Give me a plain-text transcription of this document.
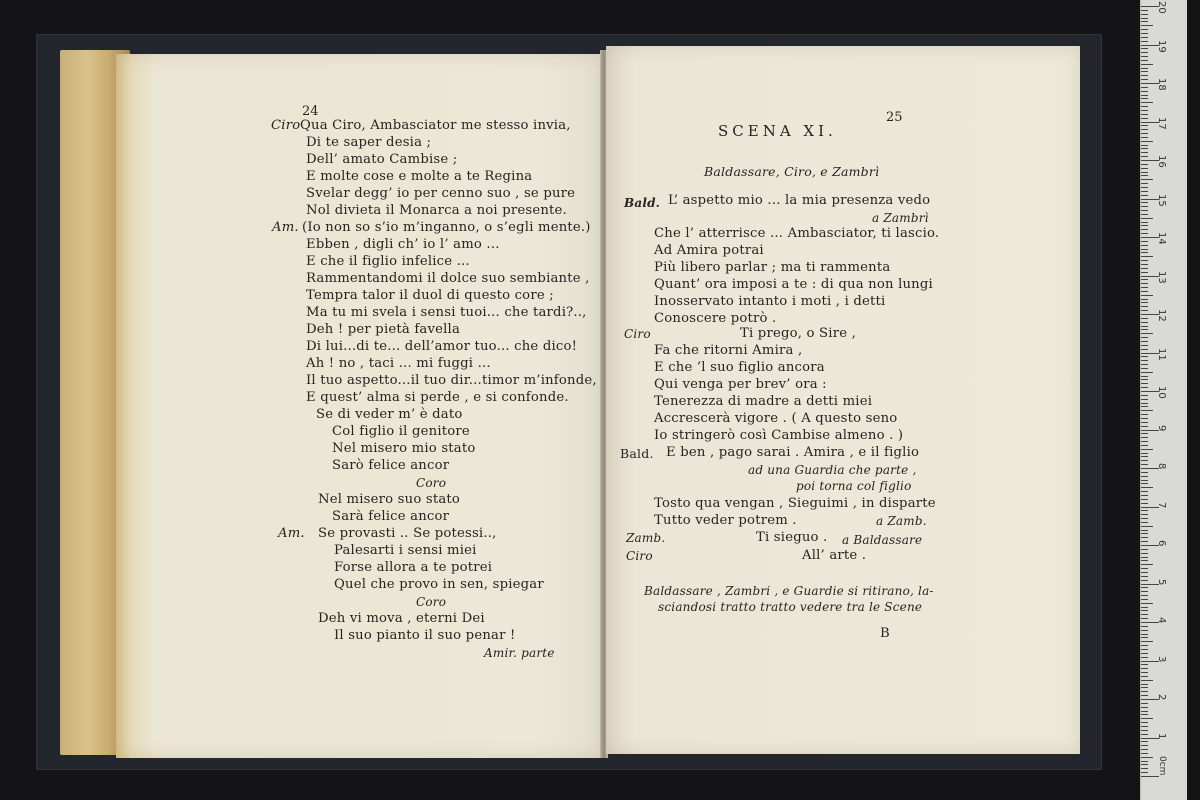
24
Ciro Qua Ciro, Ambasciator me stesso invia,
Di te saper desia ;
Dell’ amato Cambise ;
E molte cose e molte a te Regina
Svelar degg’ io per cenno suo , se pure
Nol divieta il Monarca a noi presente.
Am. (Io non so s’io m’inganno, o s’egli mente.)
Ebben , digli ch’ io l’ amo ...
E che il figlio infelice ...
Rammentandomi il dolce suo sembiante ,
Tempra talor il duol di questo core ;
Ma tu mi svela i sensi tuoi... che tardi?..,
Deh ! per pietà favella
Di lui...di te... dell’amor tuo... che dico!
Ah ! no , taci ... mi fuggi ...
Il tuo aspetto...il tuo dir...timor m’infonde,
E quest’ alma si perde , e si confonde.
Se di veder m’ è dato
Col figlio il genitore
Nel misero mio stato
Sarò felice ancor
Coro
Nel misero suo stato
Sarà felice ancor
Am. Se provasti .. Se potessi..,
Palesarti i sensi miei
Forse allora a te potrei
Quel che provo in sen, spiegar
Coro
Deh vi mova , eterni Dei
Il suo pianto il suo penar !
Amir. parte
SCENA XI.
25
Baldassare, Ciro, e Zambrì
Bald. L’ aspetto mio ... la mia presenza vedo
a Zambrì
Che l’ atterrisce ... Ambasciator, ti lascio.
Ad Amira potrai
Più libero parlar ; ma ti rammenta
Quant’ ora imposi a te : di qua non lungi
Inosservato intanto i moti , i detti
Conoscere potrò .
Ciro	Ti prego, o Sire ,
Fa che ritorni Amira ,
E che ’l suo figlio ancora
Qui venga per brev’ ora :
Tenerezza di madre a detti miei
Accrescerà vigore . ( A questo seno
Io stringerò così Cambise almeno . )
Bald. E ben , pago sarai . Amira , e il figlio
ad una Guardia che parte ,
poi torna col figlio
Tosto qua vengan , Sieguimi , in disparte
Tutto veder potrem .	a Zamb.
Zamb.	Ti sieguo . a Baldassare
Ciro	All’ arte .
Baldassare , Zambri , e Guardie si ritirano, la-
sciandosi tratto tratto vedere tra le Scene
B
20
19
18
17
16
15
14
13
12
11
10
9
8
7
6
5
4
3
2
1
0cm
